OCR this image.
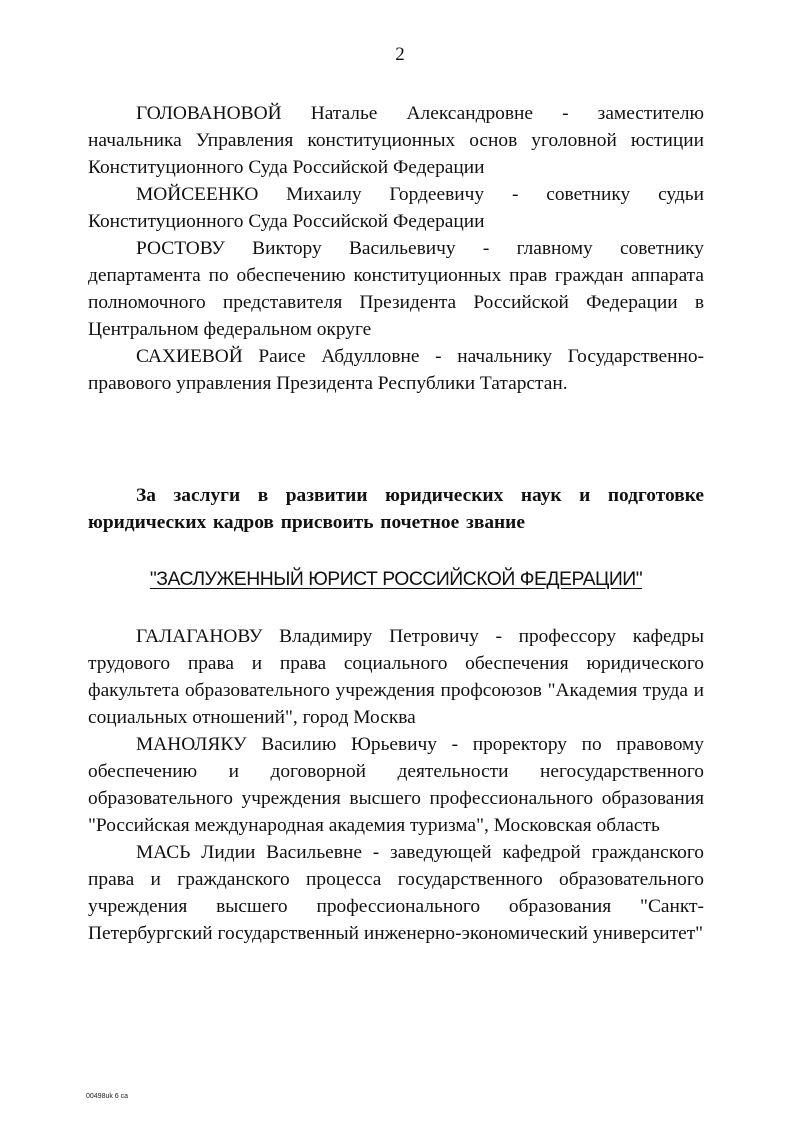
2

ГОЛОВАНОВОЙ Наталье Александровне - заместителю начальника Управления конституционных основ уголовной юстиции Конституционного Суда Российской Федерации

МОЙСЕЕНКО Михаилу Гордеевичу - советнику судьи Конституционного Суда Российской Федерации

РОСТОВУ Виктору Васильевичу - главному советнику департамента по обеспечению конституционных прав граждан аппарата полномочного представителя Президента Российской Федерации в Центральном федеральном округе

САХИЕВОЙ Раисе Абдулловне - начальнику Государственно-правового управления Президента Республики Татарстан.

За заслуги в развитии юридических наук и подготовке юридических кадров присвоить почетное звание

"ЗАСЛУЖЕННЫЙ ЮРИСТ РОССИЙСКОЙ ФЕДЕРАЦИИ"

ГАЛАГАНОВУ Владимиру Петровичу - профессору кафедры трудового права и права социального обеспечения юридического факультета образовательного учреждения профсоюзов "Академия труда и социальных отношений", город Москва

МАНОЛЯКУ Василию Юрьевичу - проректору по правовому обеспечению и договорной деятельности негосударственного образовательного учреждения высшего профессионального образования "Российская международная академия туризма", Московская область

МАСЬ Лидии Васильевне - заведующей кафедрой гражданского права и гражданского процесса государственного образовательного учреждения высшего профессионального образования "Санкт-Петербургский государственный инженерно-экономический университет"

00498uk 6 ca
